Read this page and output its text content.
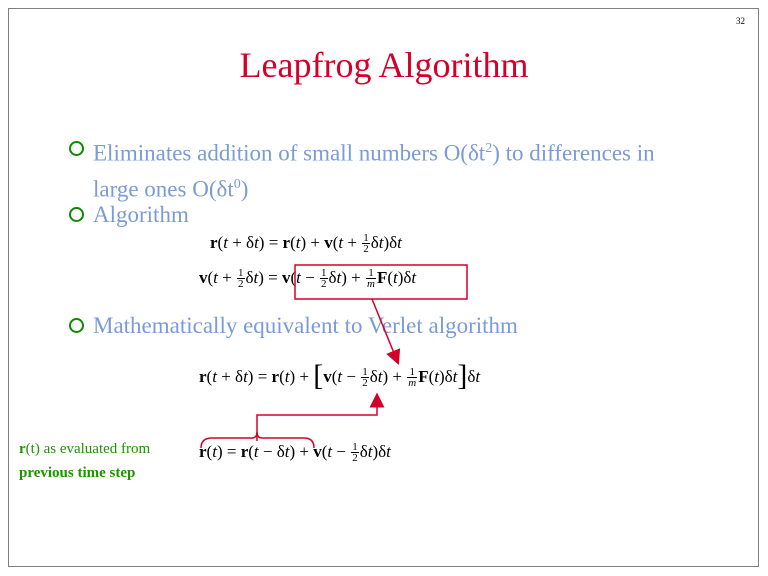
32
Leapfrog Algorithm
Eliminates addition of small numbers $O(\delta t^2)$ to differences in
large ones $O(\delta t^0)$
Algorithm
$r(t + \delta t) = r(t) + v(t + \frac{1}{2} \delta t)\delta t$
$v(t + \frac{1}{2} \delta t) = v(t - \frac{1}{2} \delta t) + \frac{1}{m} F(t)\delta t$
Mathematically equivalent to Verlet algorithm
$r(t + \delta t) = r(t) + [v(t - \frac{1}{2} \delta t) + \frac{1}{m} F(t)\delta t]\delta t$
$r(t) = r(t - \delta t) + v(t - \frac{1}{2} \delta t)\delta t$
r(t) as evaluated from
previous time step
